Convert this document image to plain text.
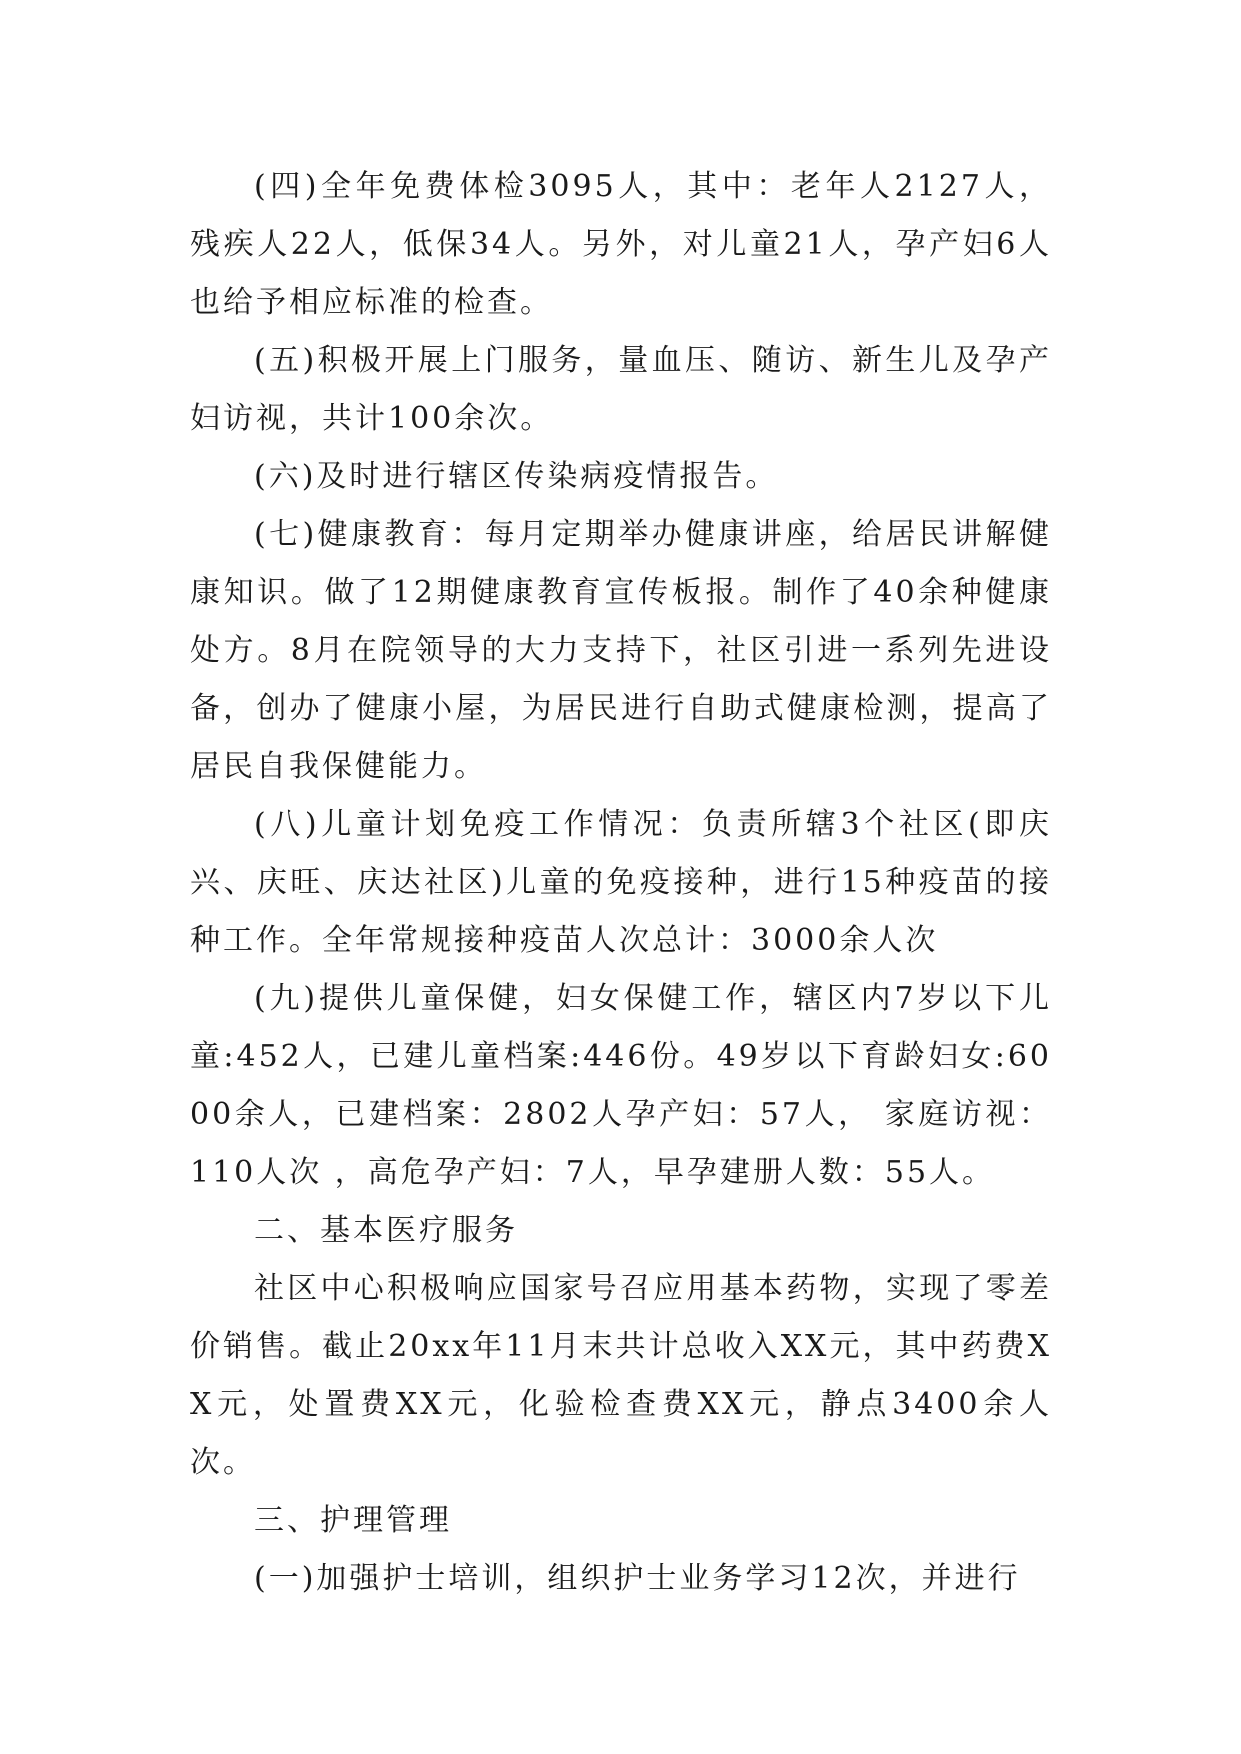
(四)全年免费体检3095人，其中：老年人2127人，残疾人22人，低保34人。另外，对儿童21人，孕产妇6人也给予相应标准的检查。

(五)积极开展上门服务，量血压、随访、新生儿及孕产妇访视，共计100余次。

(六)及时进行辖区传染病疫情报告。

(七)健康教育：每月定期举办健康讲座，给居民讲解健康知识。做了12期健康教育宣传板报。制作了40余种健康处方。8月在院领导的大力支持下，社区引进一系列先进设备，创办了健康小屋，为居民进行自助式健康检测，提高了居民自我保健能力。

(八)儿童计划免疫工作情况：负责所辖3个社区(即庆兴、庆旺、庆达社区)儿童的免疫接种，进行15种疫苗的接种工作。全年常规接种疫苗人次总计：3000余人次

(九)提供儿童保健，妇女保健工作，辖区内7岁以下儿童:452人，已建儿童档案:446份。49岁以下育龄妇女:6000余人，已建档案：2802人孕产妇：57人， 家庭访视：110人次 ，高危孕产妇：7人，早孕建册人数：55人。

二、基本医疗服务

社区中心积极响应国家号召应用基本药物，实现了零差价销售。截止20xx年11月末共计总收入XX元，其中药费XX元，处置费XX元，化验检查费XX元，静点3400余人次。

三、护理管理

(一)加强护士培训，组织护士业务学习12次，并进行
